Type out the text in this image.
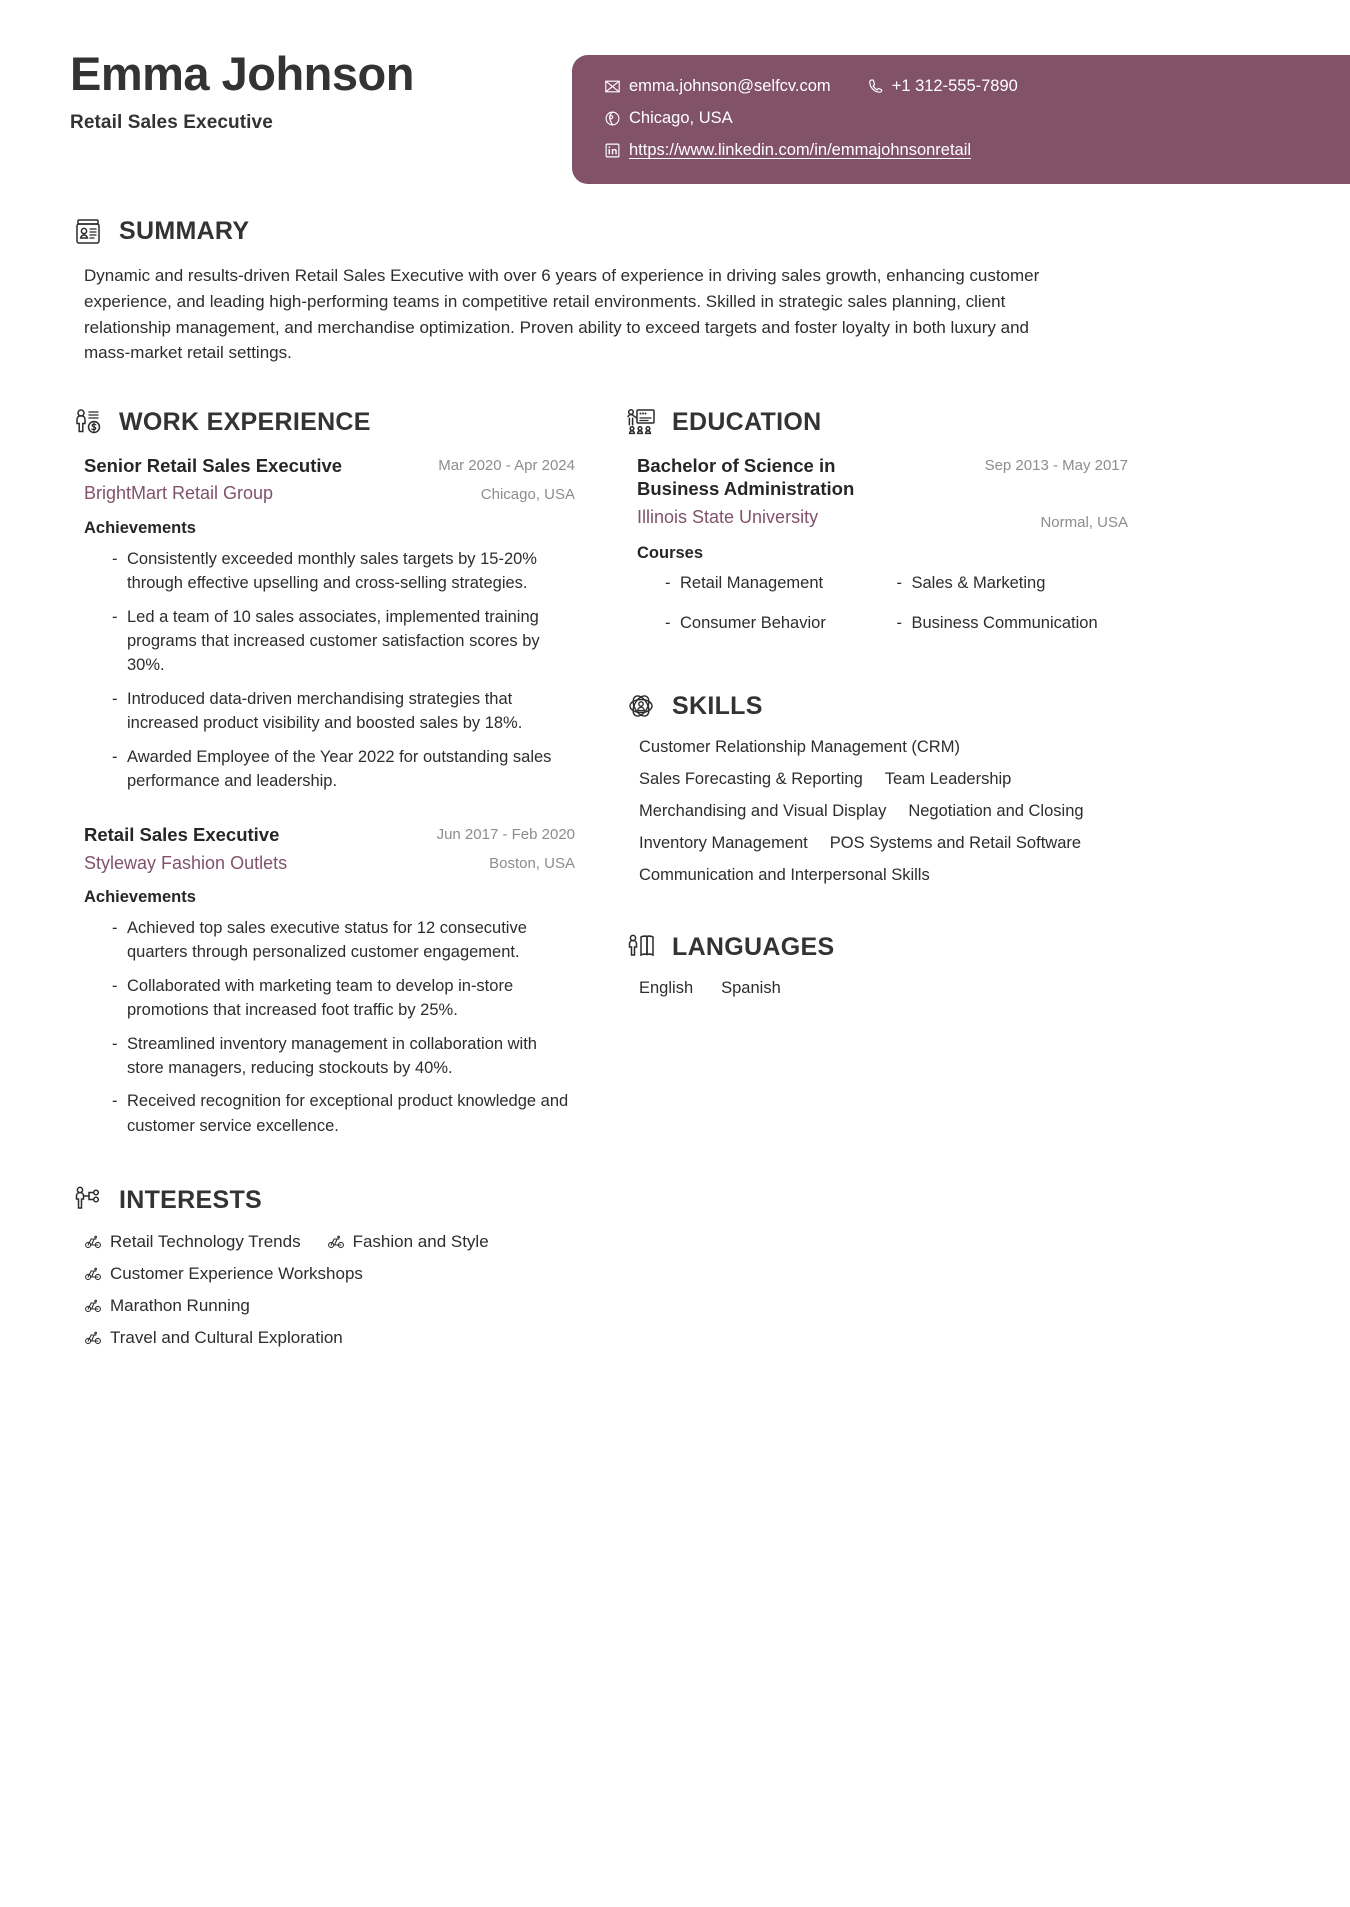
Emma Johnson
Retail Sales Executive
emma.johnson@selfcv.com	+1 312-555-7890
Chicago, USA
https://www.linkedin.com/in/emmajohnsonretail
SUMMARY
Dynamic and results-driven Retail Sales Executive with over 6 years of experience in driving sales growth, enhancing customer experience, and leading high-performing teams in competitive retail environments. Skilled in strategic sales planning, client relationship management, and merchandise optimization. Proven ability to exceed targets and foster loyalty in both luxury and mass-market retail settings.
WORK EXPERIENCE
Senior Retail Sales Executive
BrightMart Retail Group
Mar 2020 - Apr 2024
Chicago, USA
Achievements
- Consistently exceeded monthly sales targets by 15-20% through effective upselling and cross-selling strategies.
- Led a team of 10 sales associates, implemented training programs that increased customer satisfaction scores by 30%.
- Introduced data-driven merchandising strategies that increased product visibility and boosted sales by 18%.
- Awarded Employee of the Year 2022 for outstanding sales performance and leadership.
Retail Sales Executive
Styleway Fashion Outlets
Jun 2017 - Feb 2020
Boston, USA
Achievements
- Achieved top sales executive status for 12 consecutive quarters through personalized customer engagement.
- Collaborated with marketing team to develop in-store promotions that increased foot traffic by 25%.
- Streamlined inventory management in collaboration with store managers, reducing stockouts by 40%.
- Received recognition for exceptional product knowledge and customer service excellence.
EDUCATION
Bachelor of Science in Business Administration
Illinois State University
Sep 2013 - May 2017
Normal, USA
Courses
- Retail Management	- Sales & Marketing
- Consumer Behavior	- Business Communication
SKILLS
Customer Relationship Management (CRM)
Sales Forecasting & Reporting Team Leadership
Merchandising and Visual Display Negotiation and Closing
Inventory Management POS Systems and Retail Software
Communication and Interpersonal Skills
LANGUAGES
English Spanish
INTERESTS
Retail Technology Trends	Fashion and Style
Customer Experience Workshops
Marathon Running
Travel and Cultural Exploration
